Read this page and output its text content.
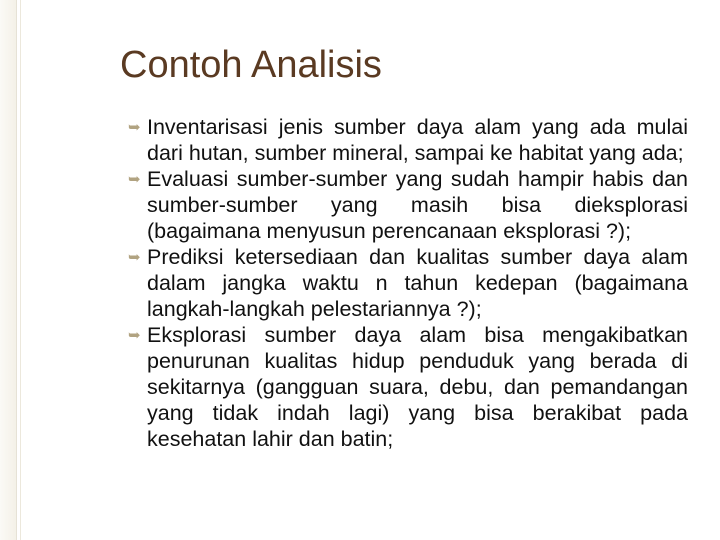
Contoh Analisis

➥ Inventarisasi jenis sumber daya alam yang ada mulai dari hutan, sumber mineral, sampai ke habitat yang ada;

➥ Evaluasi sumber-sumber yang sudah hampir habis dan sumber-sumber yang masih bisa dieksplorasi (bagaimana menyusun perencanaan eksplorasi ?);

➥ Prediksi ketersediaan dan kualitas sumber daya alam dalam jangka waktu n tahun kedepan (bagaimana langkah-langkah pelestariannya ?);

➥ Eksplorasi sumber daya alam bisa mengakibatkan penurunan kualitas hidup penduduk yang berada di sekitarnya (gangguan suara, debu, dan pemandangan yang tidak indah lagi) yang bisa berakibat pada kesehatan lahir dan batin;
